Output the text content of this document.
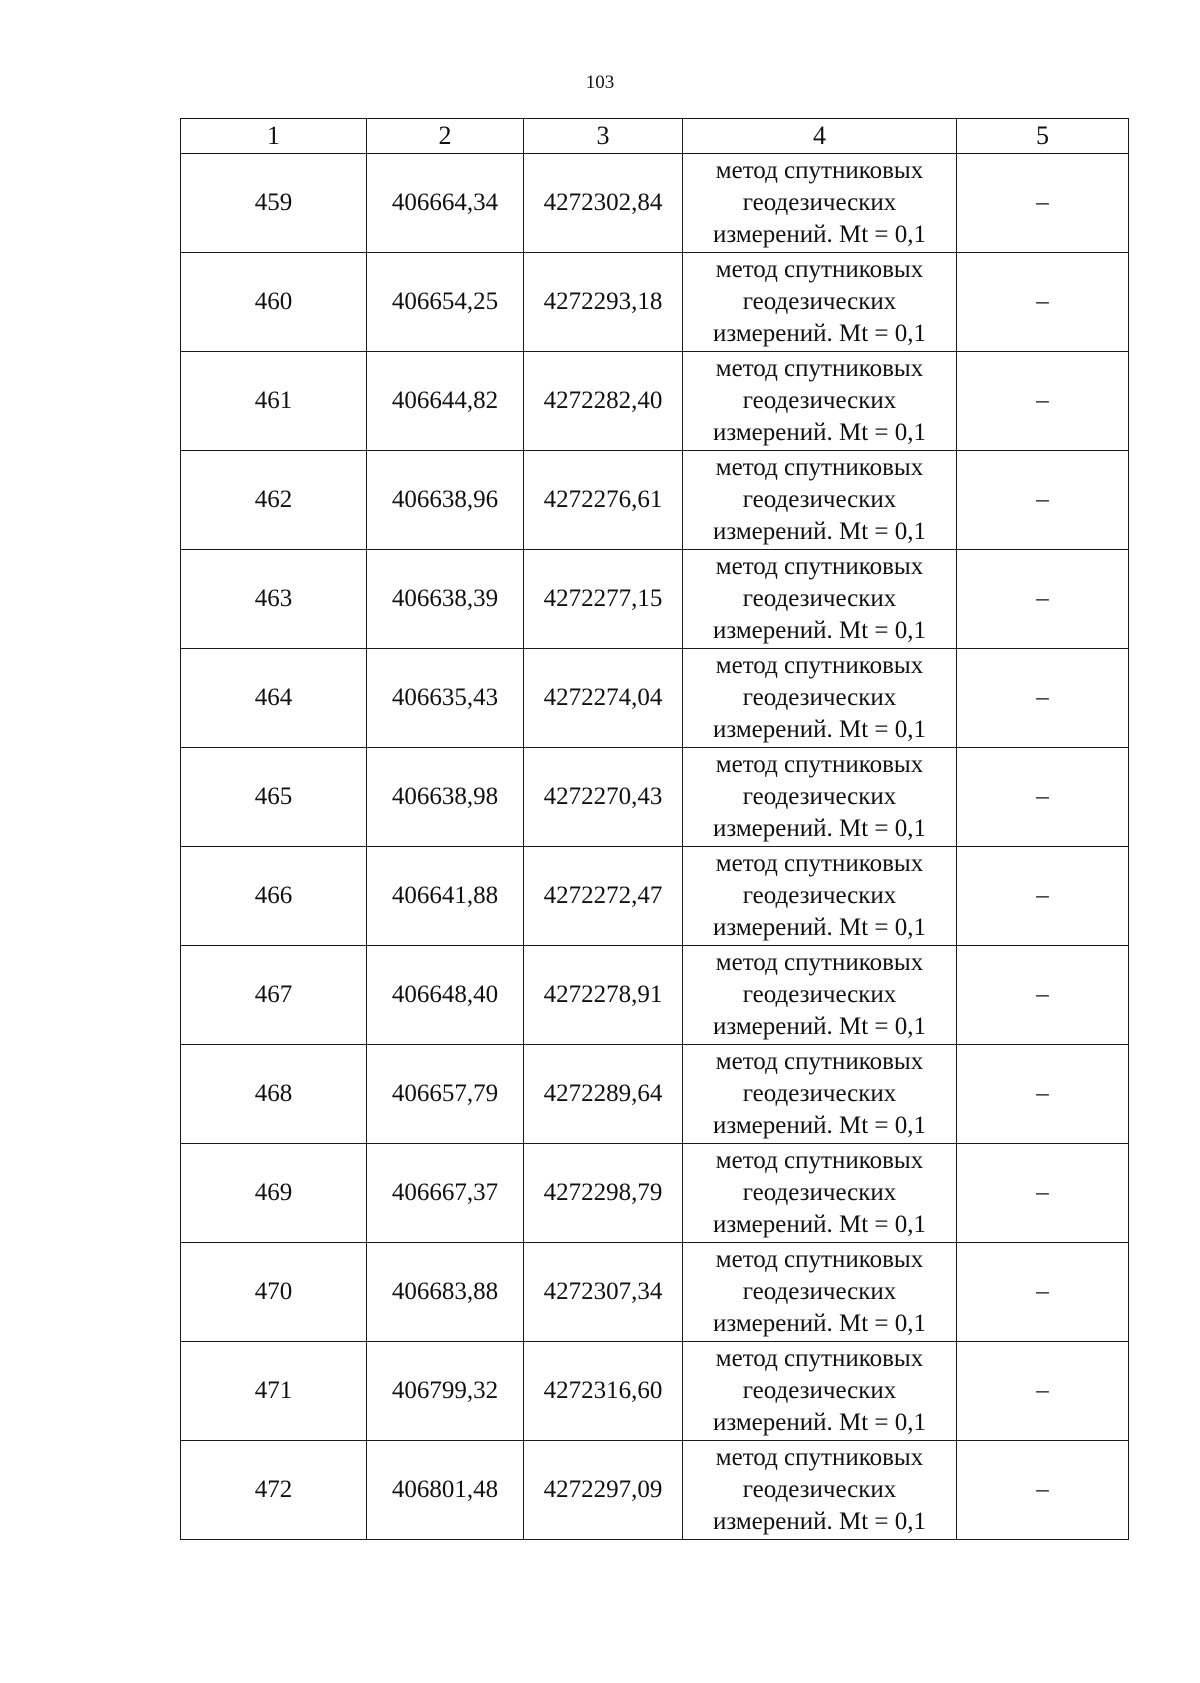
103
1	2	3	4	5
459	406664,34	4272302,84	метод спутниковых геодезических измерений. Mt = 0,1	–
460	406654,25	4272293,18	метод спутниковых геодезических измерений. Mt = 0,1	–
461	406644,82	4272282,40	метод спутниковых геодезических измерений. Mt = 0,1	–
462	406638,96	4272276,61	метод спутниковых геодезических измерений. Mt = 0,1	–
463	406638,39	4272277,15	метод спутниковых геодезических измерений. Mt = 0,1	–
464	406635,43	4272274,04	метод спутниковых геодезических измерений. Mt = 0,1	–
465	406638,98	4272270,43	метод спутниковых геодезических измерений. Mt = 0,1	–
466	406641,88	4272272,47	метод спутниковых геодезических измерений. Mt = 0,1	–
467	406648,40	4272278,91	метод спутниковых геодезических измерений. Mt = 0,1	–
468	406657,79	4272289,64	метод спутниковых геодезических измерений. Mt = 0,1	–
469	406667,37	4272298,79	метод спутниковых геодезических измерений. Mt = 0,1	–
470	406683,88	4272307,34	метод спутниковых геодезических измерений. Mt = 0,1	–
471	406799,32	4272316,60	метод спутниковых геодезических измерений. Mt = 0,1	–
472	406801,48	4272297,09	метод спутниковых геодезических измерений. Mt = 0,1	–
